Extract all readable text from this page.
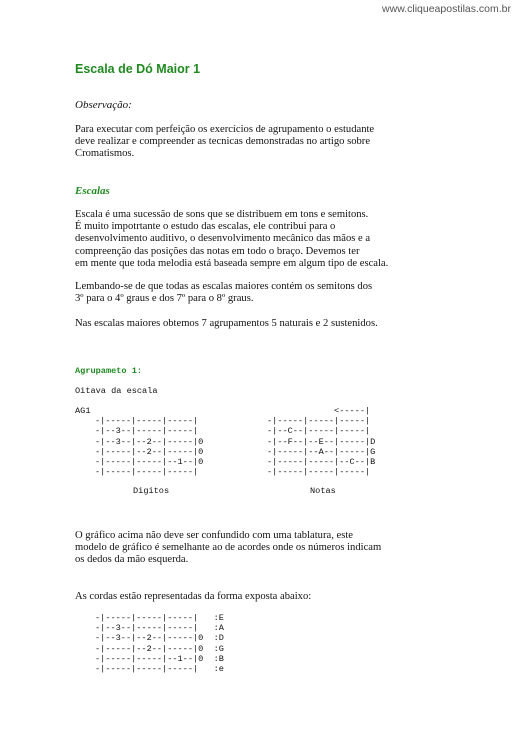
www.cliqueapostilas.com.br
Escala de Dó Maior 1
Observação:

Para executar com perfeição os exercícios de agrupamento o estudante
deve realizar e compreender as tecnicas demonstradas no artigo sobre
Cromatismos.

Escalas

Escala é uma sucessão de sons que se distribuem em tons e semitons.
É muito impotrtante o estudo das escalas, ele contribui para o
desenvolvimento auditivo, o desenvolvimento mecânico das mãos e a
compreenção das posições das notas em todo o braço. Devemos ter
em mente que toda melodia está baseada sempre em algum tipo de escala.

Lembando-se de que todas as escalas maiores contém os semitons dos
3º para o 4º graus e dos 7º para o 8º graus.

Nas escalas maiores obtemos 7 agrupamentos 5 naturais e 2 sustenidos.

Agrupameto 1:
Oitava da escala
AG1

-|-----|-----|-----|
-|--3--|-----|-----|
-|--3--|--2--|-----|0
-|-----|--2--|-----|0
-|-----|-----|--1--|0
-|-----|-----|-----|
<-----|
-|-----|-----|-----|
-|--C--|-----|-----|
-|--F--|--E--|-----|D
-|-----|--A--|-----|G
-|-----|-----|--C--|B
-|-----|-----|-----|
Digitos	Notas

O gráfico acima não deve ser confundido com uma tablatura, este
modelo de gráfico é semelhante ao de acordes onde os números indicam
os dedos da mão esquerda.

As cordas estão representadas da forma exposta abaixo:

-|-----|-----|-----|   :E
-|--3--|-----|-----|   :A
-|--3--|--2--|-----|0  :D
-|-----|--2--|-----|0  :G
-|-----|-----|--1--|0  :B
-|-----|-----|-----|   :e
